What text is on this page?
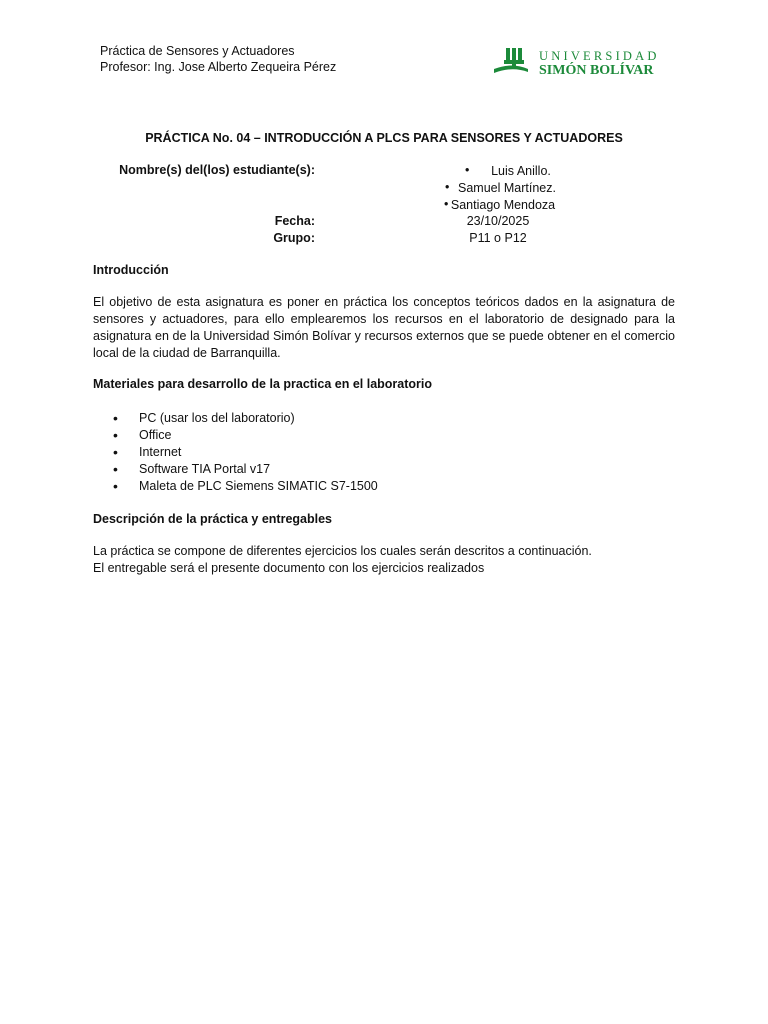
Práctica de Sensores y Actuadores
Profesor: Ing. Jose Alberto Zequeira Pérez
UNIVERSIDAD
SIMÓN BOLÍVAR
PRÁCTICA No. 04 – INTRODUCCIÓN A PLCS PARA SENSORES Y ACTUADORES
Nombre(s) del(los) estudiante(s):	•	Luis Anillo.
• Samuel Martínez.
• Santiago Mendoza
Fecha:	23/10/2025
Grupo:	P11 o P12
Introducción
El objetivo de esta asignatura es poner en práctica los conceptos teóricos dados en la asignatura de sensores y actuadores, para ello emplearemos los recursos en el laboratorio de designado para la asignatura en de la Universidad Simón Bolívar y recursos externos que se puede obtener en el comercio local de la ciudad de Barranquilla.
Materiales para desarrollo de la practica en el laboratorio
• PC (usar los del laboratorio)
• Office
• Internet
• Software TIA Portal v17
• Maleta de PLC Siemens SIMATIC S7-1500
Descripción de la práctica y entregables
La práctica se compone de diferentes ejercicios los cuales serán descritos a continuación.
El entregable será el presente documento con los ejercicios realizados
